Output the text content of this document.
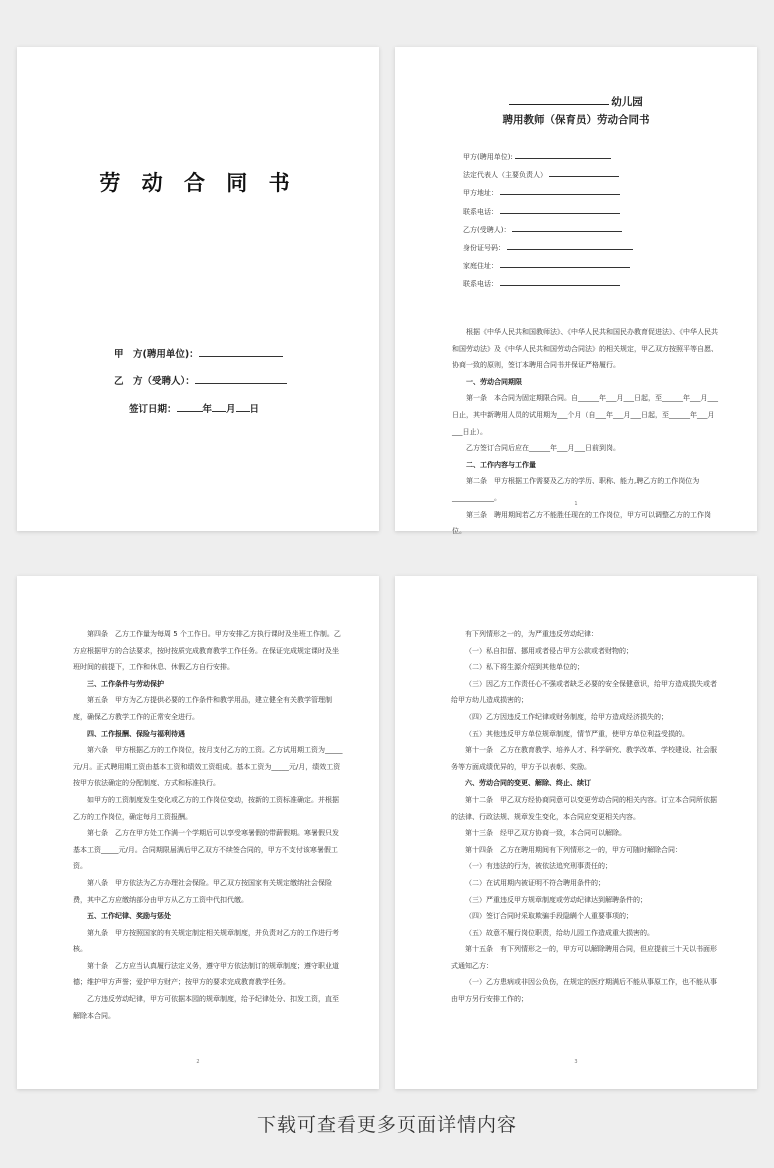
劳 动 合 同 书
甲　方(聘用单位)：
乙　方（受聘人）：
签订日期：	年 月 日
幼儿园
聘用教师（保育员）劳动合同书
甲方(聘用单位):
法定代表人（主要负责人）
甲方地址：
联系电话：
乙方(受聘人)：
身份证号码：
家庭住址：
联系电话：

根据《中华人民共和国教师法》、《中华人民共和国民办教育促进法》、《中华人民共和国劳动法》及《中华人民共和国劳动合同法》的相关规定，甲乙双方按照平等自愿、协商一致的原则，签订本聘用合同书并保证严格履行。

一、劳动合同期限

第一条　本合同为固定期限合同。自______年___月___日起，至______年___月___日止，其中新聘用人员的试用期为___个月（自___年___月___日起，至______年___月___日止）。

乙方签订合同后应在______年___月___日前到岗。

二、工作内容与工作量

第二条　甲方根据工作需要及乙方的学历、职称、能力,聘乙方的工作岗位为____________。

第三条　聘用期间若乙方不能胜任现在的工作岗位，甲方可以调整乙方的工作岗位。

1

第四条　乙方工作量为每周 5 个工作日。甲方安排乙方执行课时及坐班工作制。乙方应根据甲方的合法要求，按时按质完成教育教学工作任务。在保证完成规定课时及坐班时间的前提下，工作和休息、休假乙方自行安排。

三、工作条件与劳动保护

第五条　甲方为乙方提供必要的工作条件和教学用品，建立健全有关教学管理制度，确保乙方教学工作的正常安全进行。

四、工作报酬、保险与福利待遇

第六条　甲方根据乙方的工作岗位，按月支付乙方的工资。乙方试用期工资为_____元/月。正式聘用期工资由基本工资和绩效工资组成。基本工资为_____元/月，绩效工资按甲方依法确定的分配制度、方式和标准执行。

如甲方的工资制度发生变化或乙方的工作岗位变动，按新的工资标准确定。并根据乙方的工作岗位，确定每月工资报酬。

第七条　乙方在甲方处工作满一个学期后可以享受寒暑假的带薪假期。寒暑假只发基本工资_____元/月。合同期限届满后甲乙双方不续签合同的，甲方不支付该寒暑假工资。

第八条　甲方依法为乙方办理社会保险。甲乙双方按国家有关规定缴纳社会保险费，其中乙方应缴纳部分由甲方从乙方工资中代扣代缴。

五、工作纪律、奖励与惩处

第九条　甲方按照国家的有关规定制定相关规章制度，并负责对乙方的工作进行考核。

第十条　乙方应当认真履行法定义务，遵守甲方依法制订的规章制度；遵守职业道德；维护甲方声誉；爱护甲方财产；按甲方的要求完成教育教学任务。

乙方违反劳动纪律，甲方可依据本园的规章制度，给予纪律处分、扣发工资，直至解除本合同。

2

有下列情形之一的，为严重违反劳动纪律：

（一）私自扣留、挪用或者侵占甲方公款或者财物的；

（二）私下将生源介绍到其他单位的；

（三）因乙方工作责任心不强或者缺乏必要的安全保健意识，给甲方造成损失或者给甲方幼儿造成损害的；

（四）乙方因违反工作纪律或财务制度，给甲方造成经济损失的；

（五）其他违反甲方单位规章制度，情节严重，使甲方单位利益受损的。

第十一条　乙方在教育教学、培养人才、科学研究、教学改革、学校建设、社会服务等方面成绩优异的，甲方予以表彰、奖励。

六、劳动合同的变更、解除、终止、续订

第十二条　甲乙双方经协商同意可以变更劳动合同的相关内容。订立本合同所依据的法律、行政法规、规章发生变化，本合同应变更相关内容。

第十三条　经甲乙双方协商一致，本合同可以解除。

第十四条　乙方在聘用期间有下列情形之一的，甲方可随时解除合同：

（一）有违法的行为，被依法追究刑事责任的；

（二）在试用期内被证明不符合聘用条件的；

（三）严重违反甲方规章制度或劳动纪律达到解聘条件的；

（四）签订合同时采取欺骗手段隐瞒个人重要事项的；

（五）故意不履行岗位职责，给幼儿园工作造成重大损害的。

第十五条　有下列情形之一的，甲方可以解除聘用合同，但应提前三十天以书面形式通知乙方：

（一）乙方患病或非因公负伤，在规定的医疗期满后不能从事原工作，也不能从事由甲方另行安排工作的；

3
下载可查看更多页面详情内容
